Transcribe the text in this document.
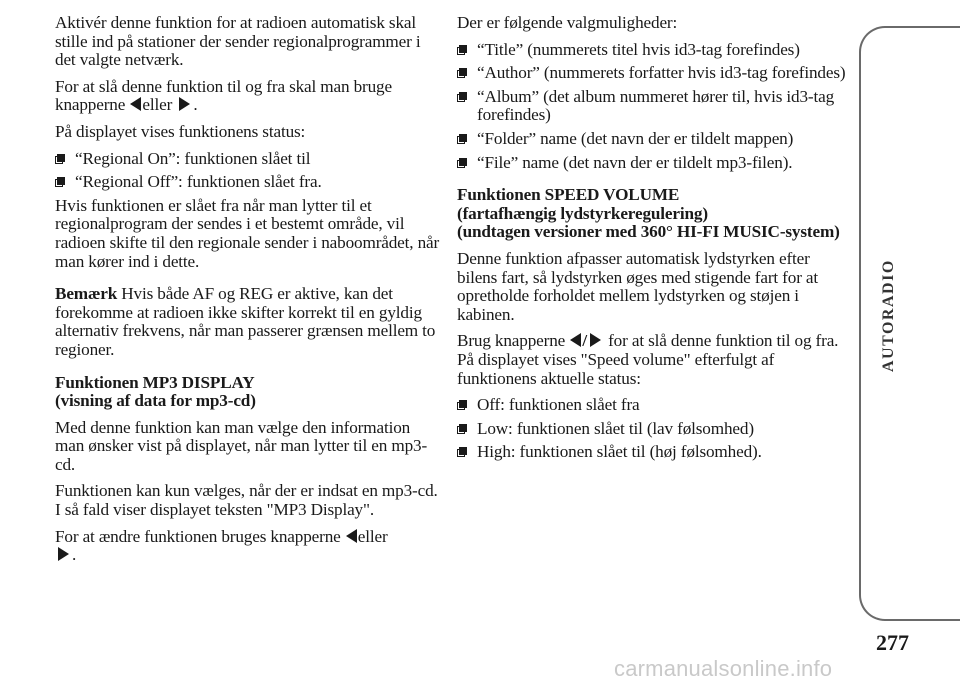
Aktivér denne funktion for at radioen automatisk skal stille ind på stationer der sender regionalprogrammer i det valgte netværk.

For at slå denne funktion til og fra skal man bruge knapperne eller .

På displayet vises funktionens status:

“Regional On”: funktionen slået til
“Regional Off”: funktionen slået fra.

Hvis funktionen er slået fra når man lytter til et regionalprogram der sendes i et bestemt område, vil radioen skifte til den regionale sender i naboområdet, når man kører ind i dette.

Bemærk Hvis både AF og REG er aktive, kan det forekomme at radioen ikke skifter korrekt til en gyldig alternativ frekvens, når man passerer grænsen mellem to regioner.

Funktionen MP3 DISPLAY
(visning af data for mp3-cd)

Med denne funktion kan man vælge den information man ønsker vist på displayet, når man lytter til en mp3-cd.

Funktionen kan kun vælges, når der er indsat en mp3-cd. I så fald viser displayet teksten "MP3 Display".

For at ændre funktionen bruges knapperne eller
.

Der er følgende valgmuligheder:

“Title” (nummerets titel hvis id3-tag forefindes)
“Author” (nummerets forfatter hvis id3-tag forefindes)
“Album” (det album nummeret hører til, hvis id3-tag forefindes)
“Folder” name (det navn der er tildelt mappen)
“File” name (det navn der er tildelt mp3-filen).
Funktionen SPEED VOLUME
(fartafhængig lydstyrkeregulering)
(undtagen versioner med 360° HI-FI MUSIC-system)

Denne funktion afpasser automatisk lydstyrken efter bilens fart, så lydstyrken øges med stigende fart for at opretholde forholdet mellem lydstyrken og støjen i kabinen.

Brug knapperne / for at slå denne funktion til og fra. På displayet vises "Speed volume" efterfulgt af funktionens aktuelle status:

Off: funktionen slået fra
Low: funktionen slået til (lav følsomhed)
High: funktionen slået til (høj følsomhed).
AUTORADIO
277
carmanualsonline.info
